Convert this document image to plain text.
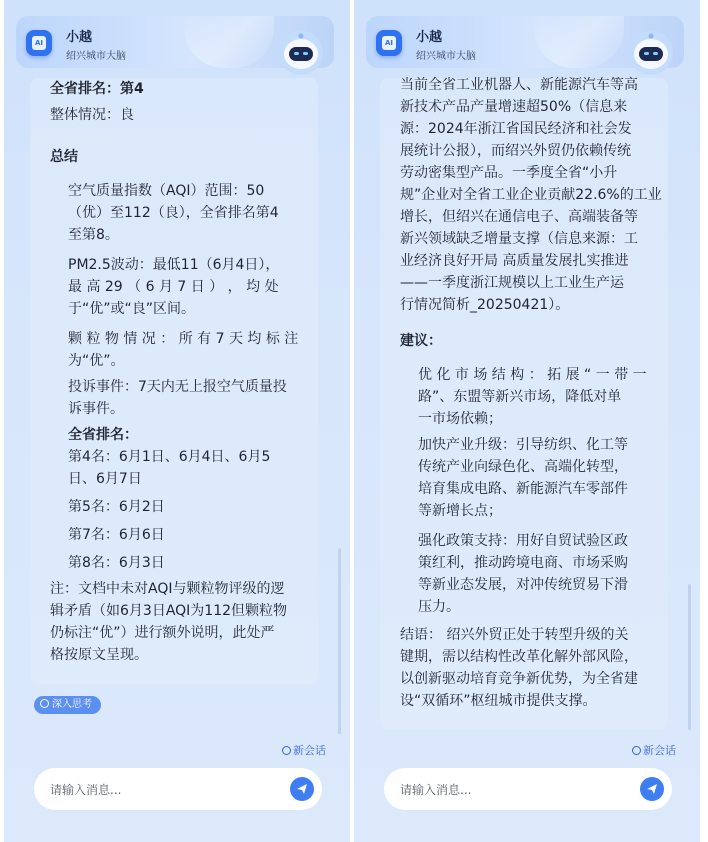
AI 小越
绍兴城市大脑
全省排名：第4
整体情况：良
总结
空气质量指数（AQI）范围：50
（优）至112（良），全省排名第4
至第8。
PM2.5波动：最低11（6月4日），
最 高 29 （ 6 月 7 日 ） ， 均 处
于“优”或“良”区间。
颗 粒 物 情 况 ： 所 有 7 天 均 标 注
为“优”。
投诉事件：7天内无上报空气质量投
诉事件。
全省排名：
第4名：6月1日、6月4日、6月5
日、6月7日
第5名：6月2日
第7名：6月6日
第8名：6月3日
注：文档中未对AQI与颗粒物评级的逻
辑矛盾（如6月3日AQI为112但颗粒物
仍标注“优”）进行额外说明，此处严
格按原文呈现。
深入思考
新会话
请输入消息...
AI 小越
绍兴城市大脑
当前全省工业机器人、新能源汽车等高
新技术产品产量增速超50%（信息来
源：2024年浙江省国民经济和社会发
展统计公报），而绍兴外贸仍依赖传统
劳动密集型产品。一季度全省“小升
规”企业对全省工业企业贡献22.6%的工业
增长，但绍兴在通信电子、高端装备等
新兴领域缺乏增量支撑（信息来源：工
业经济良好开局 高质量发展扎实推进
——一季度浙江规模以上工业生产运
行情况简析_20250421）。
建议：
优 化 市 场 结 构 ： 拓 展 “ 一 带 一
路”、东盟等新兴市场，降低对单
一市场依赖；
加快产业升级：引导纺织、化工等
传统产业向绿色化、高端化转型，
培育集成电路、新能源汽车零部件
等新增长点；
强化政策支持：用好自贸试验区政
策红利，推动跨境电商、市场采购
等新业态发展，对冲传统贸易下滑
压力。
结语： 绍兴外贸正处于转型升级的关
键期，需以结构性改革化解外部风险，
以创新驱动培育竞争新优势，为全省建
设“双循环”枢纽城市提供支撑。
新会话
请输入消息...
